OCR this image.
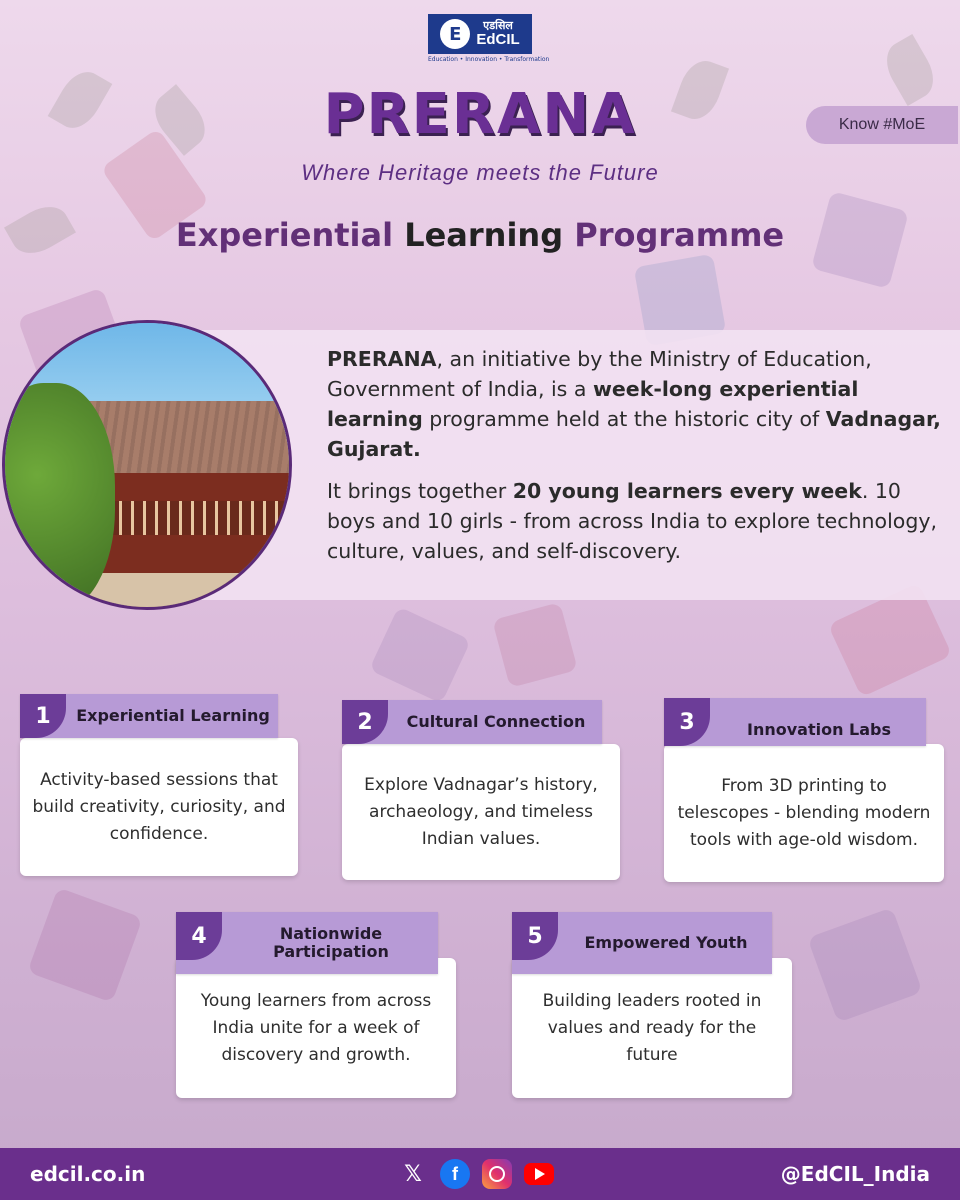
E	एडसिल
EdCIL
Education • Innovation • Transformation
Know #MoE
PRERANA
Where Heritage meets the Future
Experiential Learning Programme

PRERANA, an initiative by the Ministry of Education, Government of India, is a week-long experiential learning programme held at the historic city of Vadnagar, Gujarat.

It brings together 20 young learners every week. 10 boys and 10 girls - from across India to explore technology, culture, values, and self-discovery.

Activity-based sessions that build creativity, curiosity, and confidence.
1	Experiential Learning
Explore Vadnagar’s history, archaeology, and timeless Indian values.
2	Cultural Connection
From 3D printing to telescopes - blending modern tools with age-old wisdom.
3	Innovation Labs
Young learners from across India unite for a week of discovery and growth.
4	Nationwide Participation
Building leaders rooted in values and ready for the future
5	Empowered Youth
edcil.co.in	𝕏	f	@EdCIL_India
